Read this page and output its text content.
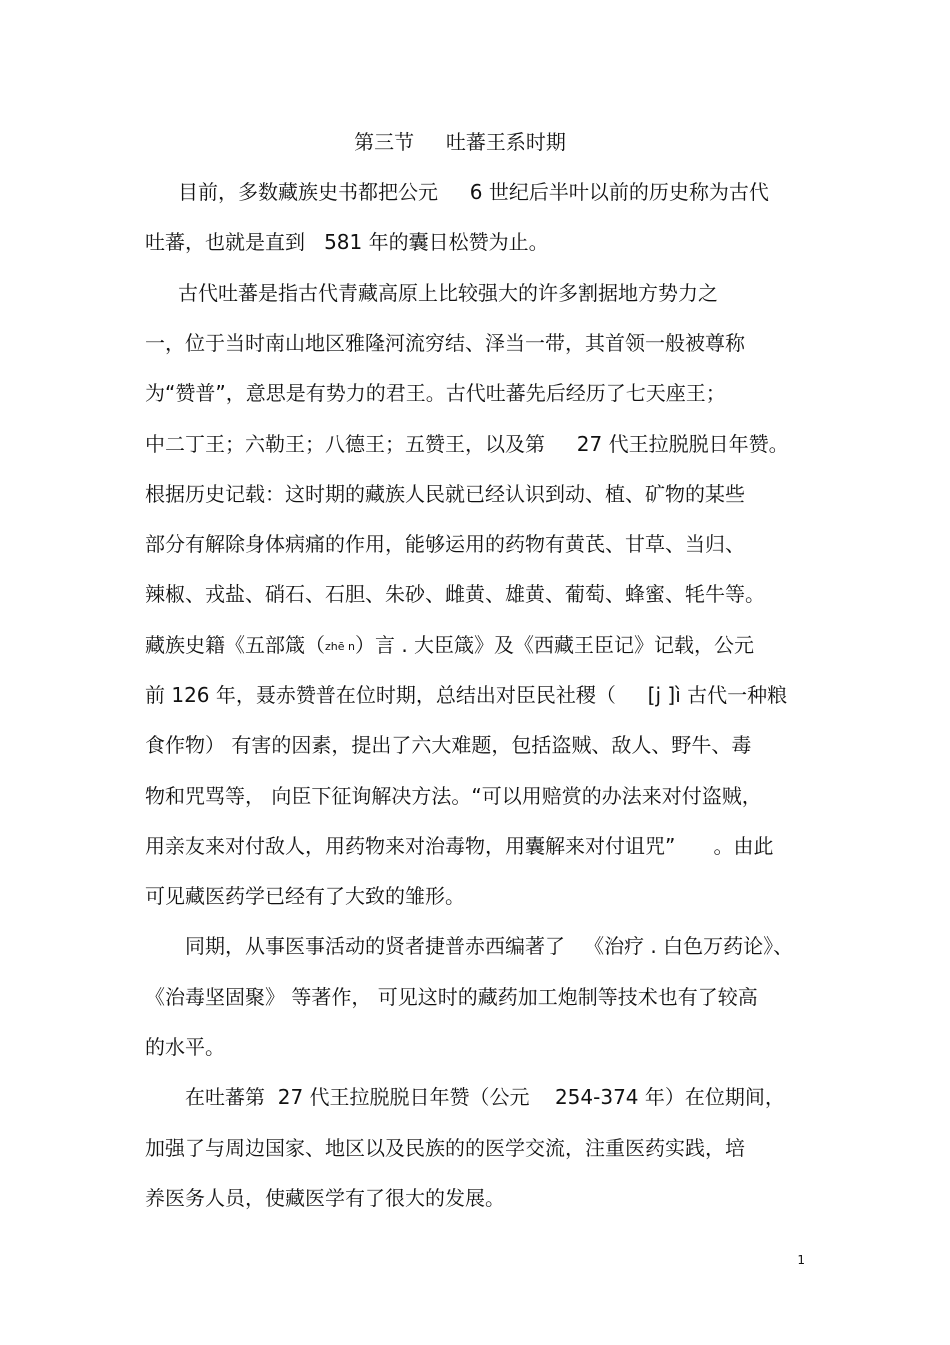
第三节     吐蕃王系时期
目前，多数藏族史书都把公元     6 世纪后半叶以前的历史称为古代
吐蕃，也就是直到   581 年的囊日松赞为止。
古代吐蕃是指古代青藏高原上比较强大的许多割据地方势力之
一，位于当时南山地区雅隆河流穷结、泽当一带，其首领一般被尊称
为“赞普”，意思是有势力的君王。古代吐蕃先后经历了七天座王；
中二丁王；六勒王；八德王；五赞王，以及第     27 代王拉脱脱日年赞。
根据历史记载：这时期的藏族人民就已经认识到动、植、矿物的某些
部分有解除身体病痛的作用，能够运用的药物有黄芪、甘草、当归、
辣椒、戎盐、硝石、石胆、朱砂、雌黄、雄黄、葡萄、蜂蜜、牦牛等。
藏族史籍《五部箴（zhē n）言 . 大臣箴》及《西藏王臣记》记载，公元
前 126 年，聂赤赞普在位时期，总结出对臣民社稷（     [j ]ì 古代一种粮
食作物） 有害的因素，提出了六大难题，包括盗贼、敌人、野牛、毒
物和咒骂等， 向臣下征询解决方法。“可以用赔赏的办法来对付盗贼，
用亲友来对付敌人，用药物来对治毒物，用囊解来对付诅咒”      。由此
可见藏医药学已经有了大致的雏形。
同期，从事医事活动的贤者捷普赤西编著了   《治疗 . 白色万药论》、
《治毒坚固聚》 等著作， 可见这时的藏药加工炮制等技术也有了较高
的水平。
在吐蕃第  27 代王拉脱脱日年赞（公元    254-374 年）在位期间，
加强了与周边国家、地区以及民族的的医学交流，注重医药实践，培
养医务人员，使藏医学有了很大的发展。
1
